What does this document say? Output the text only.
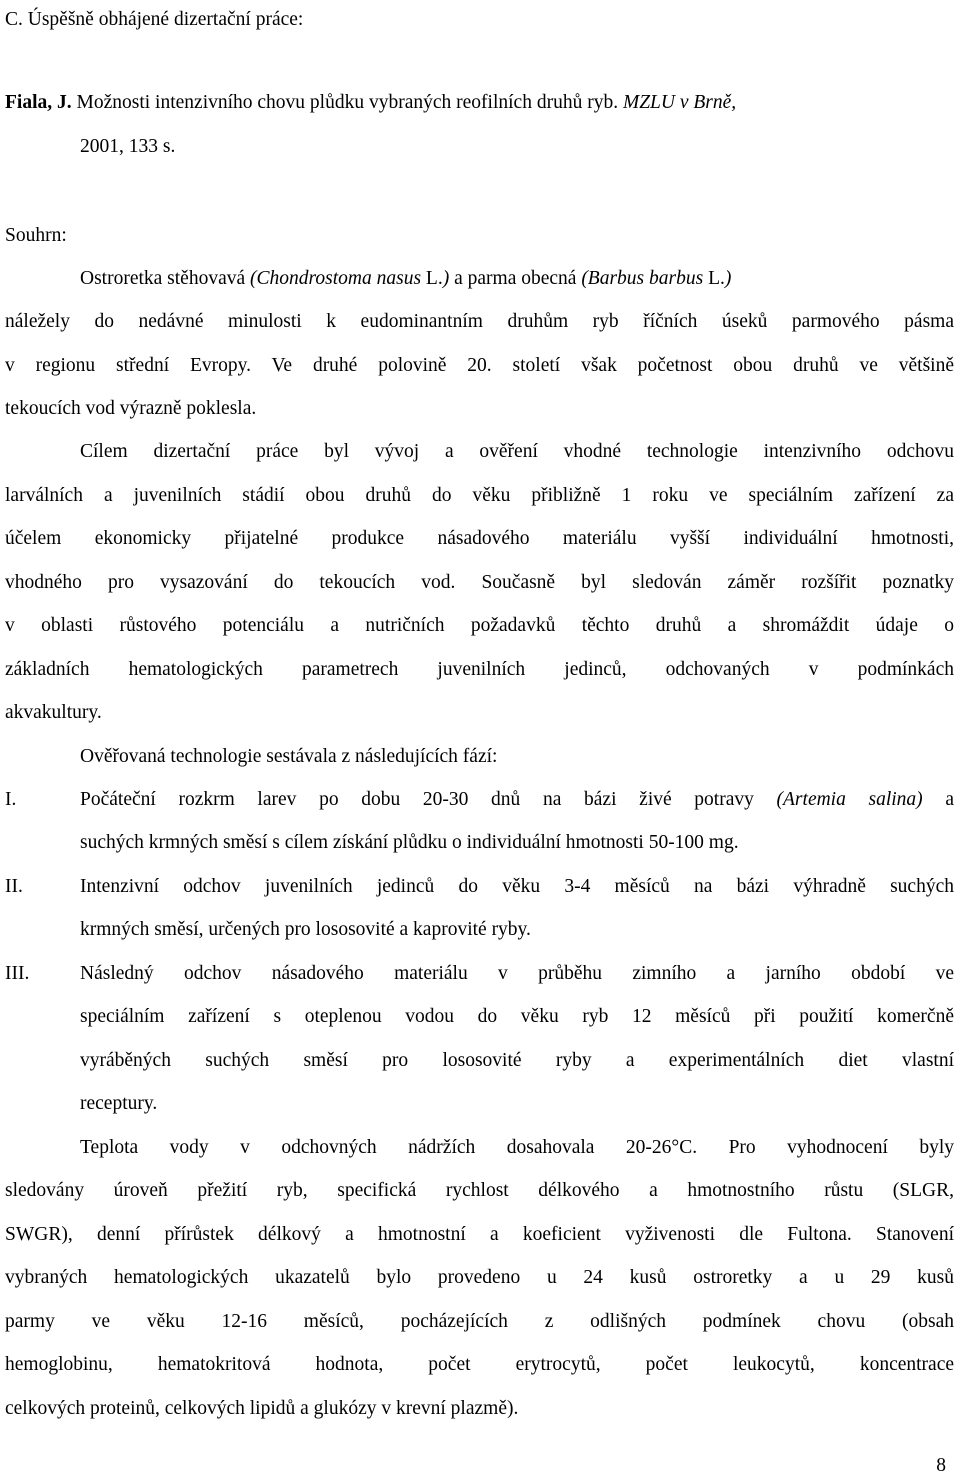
C. Úspěšně obhájené dizertační práce:
Fiala, J. Možnosti intenzivního chovu plůdku vybraných reofilních druhů ryb. MZLU v Brně,
2001, 133 s.
Souhrn:
Ostroretka stěhovavá (Chondrostoma nasus L.) a parma obecná (Barbus barbus L.)
náležely do nedávné minulosti k eudominantním druhům ryb říčních úseků parmového pásma
v regionu střední Evropy. Ve druhé polovině 20. století však početnost obou druhů ve většině
tekoucích vod výrazně poklesla.
Cílem dizertační práce byl vývoj a ověření vhodné technologie intenzivního odchovu
larválních a juvenilních stádií obou druhů do věku přibližně 1 roku ve speciálním zařízení za
účelem ekonomicky přijatelné produkce násadového materiálu vyšší individuální hmotnosti,
vhodného pro vysazování do tekoucích vod. Současně byl sledován záměr rozšířit poznatky
v oblasti růstového potenciálu a nutričních požadavků těchto druhů a shromáždit údaje o
základních hematologických parametrech juvenilních jedinců, odchovaných v podmínkách
akvakultury.
Ověřovaná technologie sestávala z následujících fází:
I.	Počáteční rozkrm larev po dobu 20-30 dnů na bázi živé potravy (Artemia salina) a
suchých krmných směsí s cílem získání plůdku o individuální hmotnosti 50-100 mg.
II.	Intenzivní odchov juvenilních jedinců do věku 3-4 měsíců na bázi výhradně suchých
krmných směsí, určených pro lososovité a kaprovité ryby.
III.	Následný odchov násadového materiálu v průběhu zimního a jarního období ve
speciálním zařízení s oteplenou vodou do věku ryb 12 měsíců při použití komerčně
vyráběných suchých směsí pro lososovité ryby a experimentálních diet vlastní
receptury.
Teplota vody v odchovných nádržích dosahovala 20-26°C. Pro vyhodnocení byly
sledovány úroveň přežití ryb, specifická rychlost délkového a hmotnostního růstu (SLGR,
SWGR), denní přírůstek délkový a hmotnostní a koeficient vyživenosti dle Fultona. Stanovení
vybraných hematologických ukazatelů bylo provedeno u 24 kusů ostroretky a u 29 kusů
parmy ve věku 12-16 měsíců, pocházejících z odlišných podmínek chovu (obsah
hemoglobinu, hematokritová hodnota, počet erytrocytů, počet leukocytů, koncentrace
celkových proteinů, celkových lipidů a glukózy v krevní plazmě).
8
